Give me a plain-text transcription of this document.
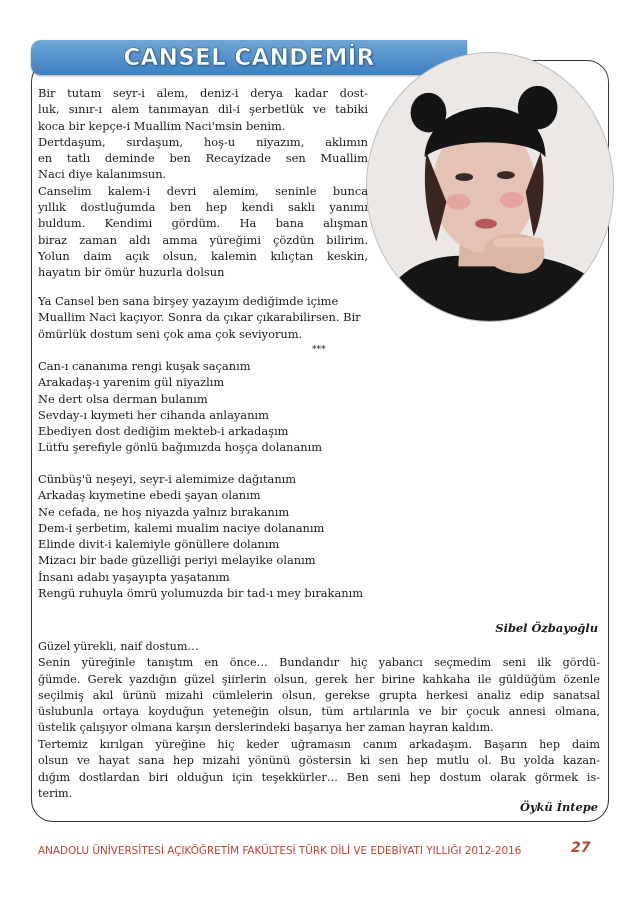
CANSEL CANDEMİR

Bir tutam seyr-i alem, deniz-i derya kadar dost-

luk, sınır-ı alem tanımayan dil-i şerbetlük ve tabiki

koca bir kepçe-i Muallim Naci'msin benim.

Dertdaşum, sırdaşum, hoş-u niyazım, aklımın

en tatlı deminde ben Recayizade sen Muallim

Naci diye kalanımsun.

Canselim kalem-i devri alemim, seninle bunca

yıllık dostluğumda ben hep kendi saklı yanımı

buldum. Kendimi gördüm. Ha bana alışman

biraz zaman aldı amma yüreğimi çözdün bilirim.

Yolun daim açık olsun, kalemin kılıçtan keskin,

hayatın bir ömür huzurla dolsun

Ya Cansel ben sana birşey yazayım dediğimde içime

Muallim Naci kaçıyor. Sonra da çıkar çıkarabilirsen. Bir

ömürlük dostum seni çok ama çok seviyorum.

***

Can-ı cananıma rengi kuşak saçanım

Arakadaş-ı yarenim gül niyazlım

Ne dert olsa derman bulanım

Sevday-ı kıymeti her cihanda anlayanım

Ebediyen dost dediğim mekteb-i arkadaşım

Lütfu şerefiyle gönlü bağımızda hoşça dolananım

Cünbüş'ü neşeyi, seyr-i alemimize dağıtanım

Arkadaş kıymetine ebedi şayan olanım

Ne cefada, ne hoş niyazda yalnız bırakanım

Dem-i şerbetim, kalemi mualim naciye dolananım

Elinde divit-i kalemiyle gönüllere dolanım

Mizacı bir bade güzelliği periyi melayike olanım

İnsanı adabı yaşayıpta yaşatanım

Rengü ruhuyla ömrü yolumuzda bir tad-ı mey bırakanım

Sibel Özbayoğlu

Güzel yürekli, naif dostum…

Senin yüreğinle tanıştım en önce… Bundandır hiç yabancı seçmedim seni ilk gördü-

ğümde. Gerek yazdığın güzel şiirlerin olsun, gerek her birine kahkaha ile güldüğüm özenle

seçilmiş akıl ürünü mizahi cümlelerin olsun, gerekse grupta herkesi analiz edip sanatsal

üslubunla ortaya koyduğun yeteneğin olsun, tüm artılarınla ve bir çocuk annesi olmana,

üstelik çalışıyor olmana karşın derslerindeki başarıya her zaman hayran kaldım.

Tertemiz kırılgan yüreğine hiç keder uğramasın canım arkadaşım. Başarın hep daim

olsun ve hayat sana hep mizahi yönünü göstersin ki sen hep mutlu ol. Bu yolda kazan-

dığım dostlardan biri olduğun için teşekkürler… Ben seni hep dostum olarak görmek is-

terim.

Öykü İntepe
ANADOLU ÜNİVERSİTESİ AÇIKÖĞRETİM FAKÜLTESİ TÜRK DİLİ VE EDEBİYATI YILLIĞI 2012-2016	27
